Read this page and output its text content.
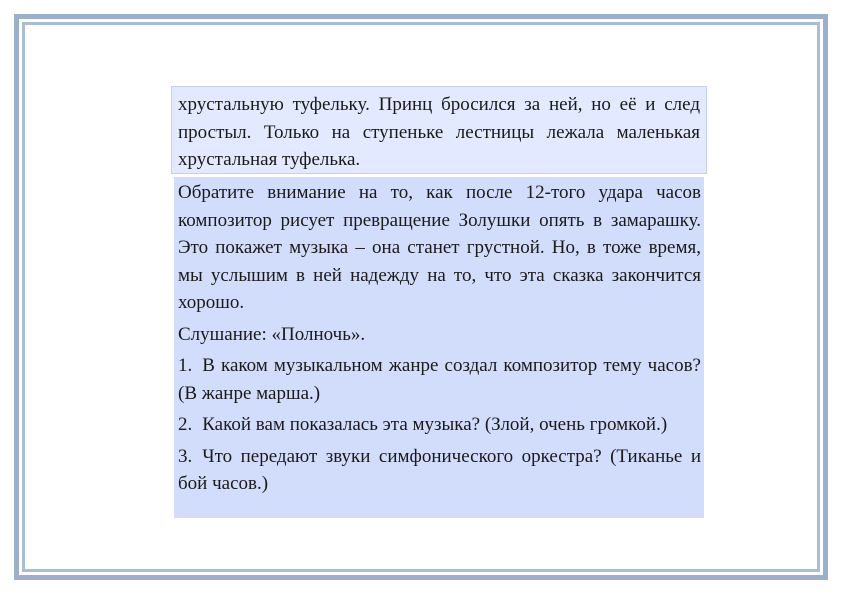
хрустальную туфельку. Принц бросился за ней, но её и след простыл. Только на ступеньке лестницы лежала маленькая хрустальная туфелька.

Обратите внимание на то, как после 12-того удара часов композитор рисует превращение Золушки опять в замарашку. Это покажет музыка – она станет грустной. Но, в тоже время, мы услышим в ней надежду на то, что эта сказка закончится хорошо.

Слушание: «Полночь».

1. В каком музыкальном жанре создал композитор тему часов? (В жанре марша.)
2. Какой вам показалась эта музыка? (Злой, очень громкой.)
3. Что передают звуки симфонического оркестра? (Тиканье и бой часов.)
